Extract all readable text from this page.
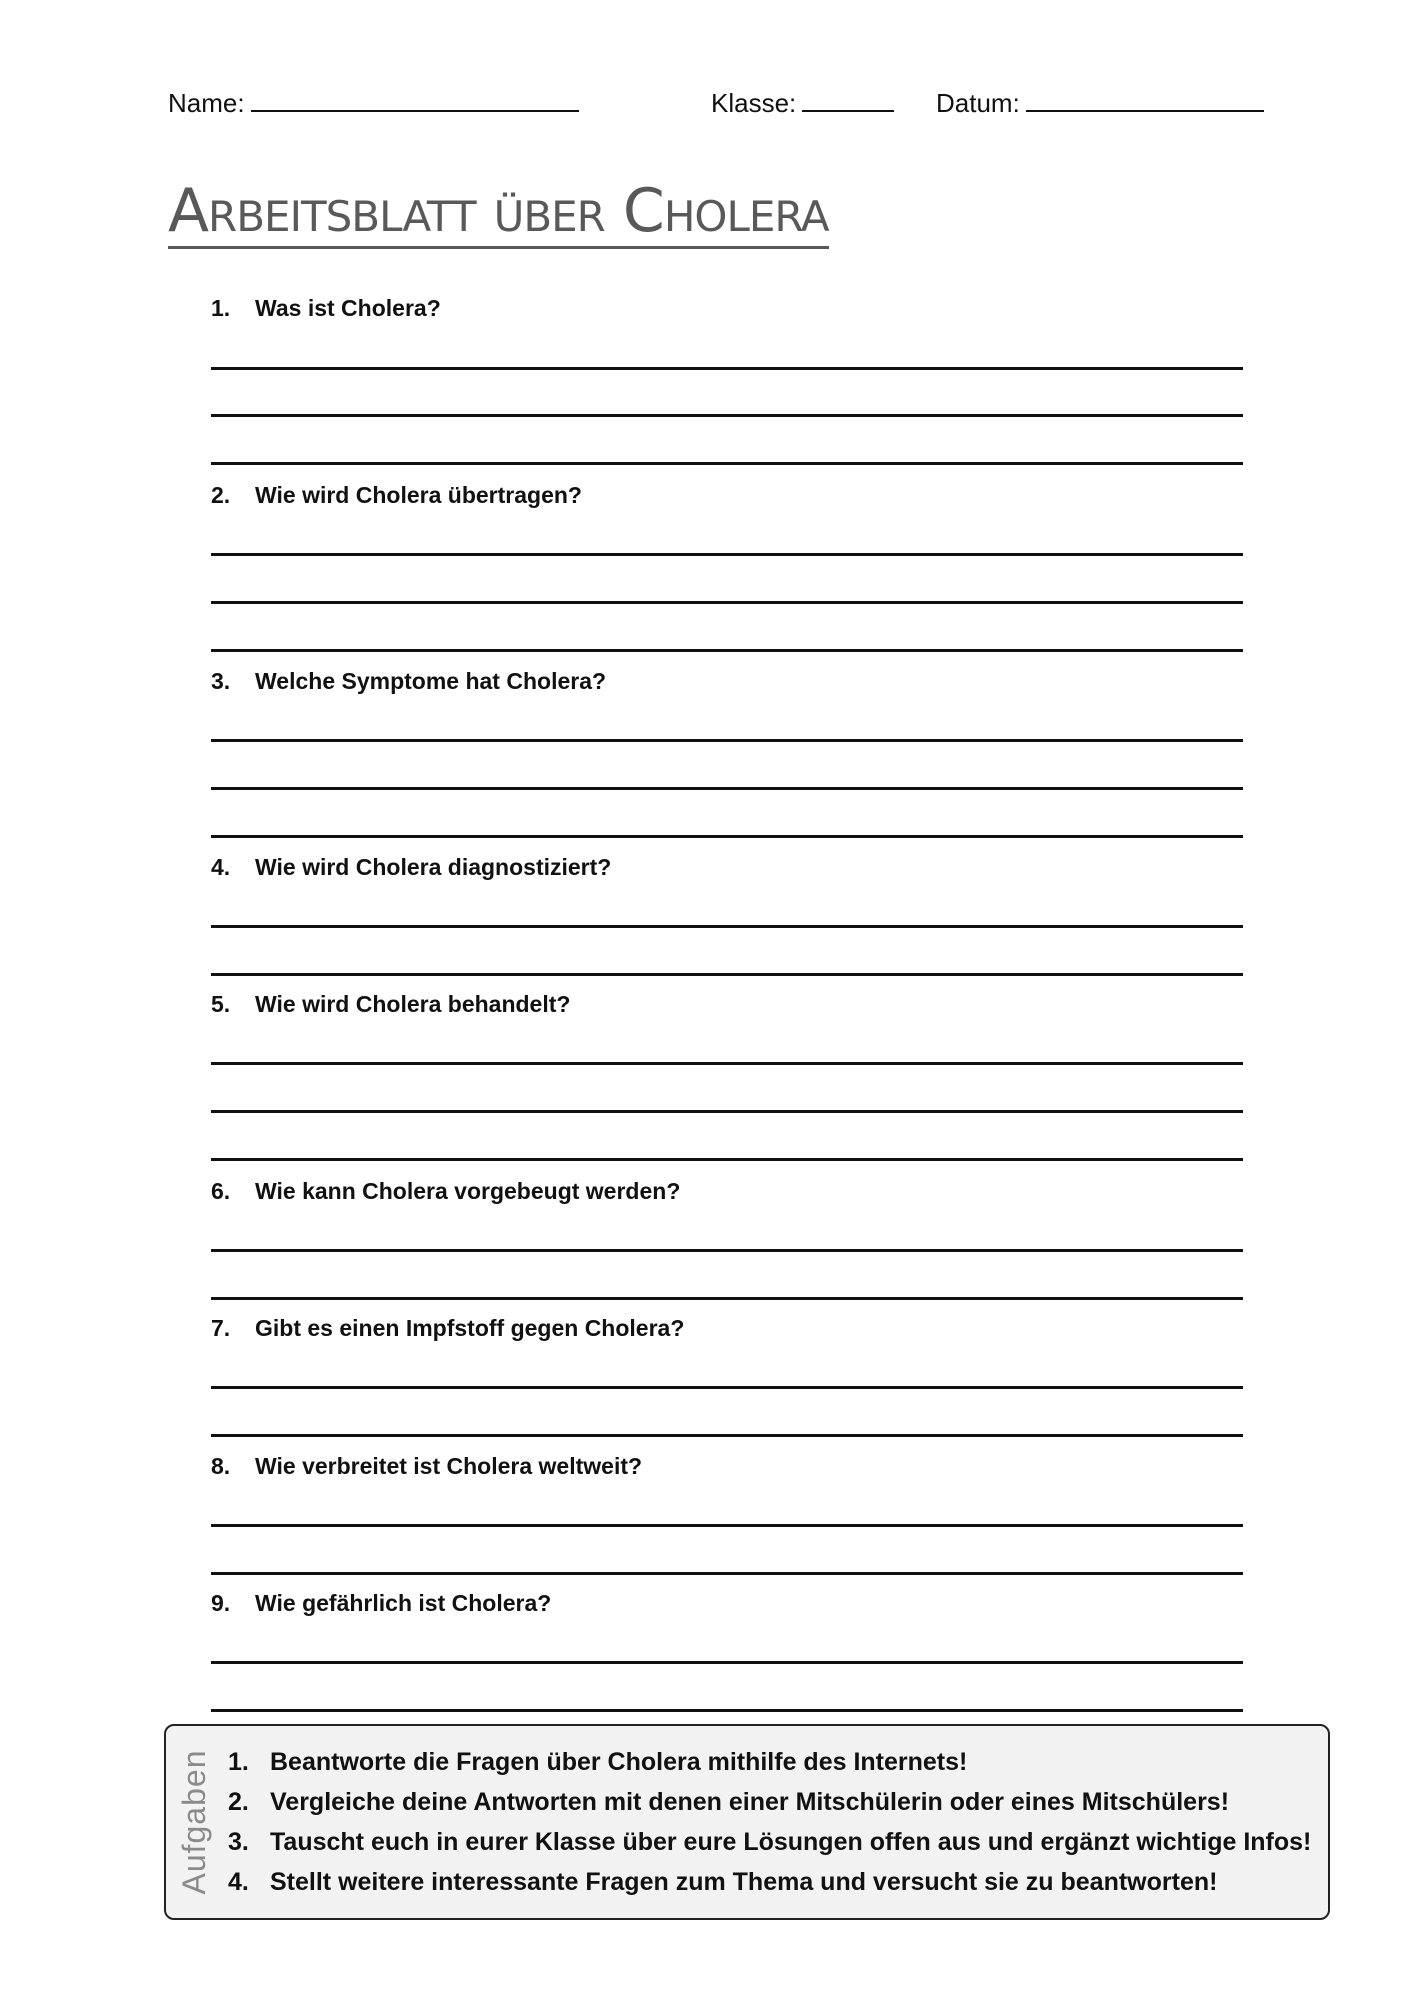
Name:	Klasse:	Datum:
Arbeitsblatt über Cholera
1. Was ist Cholera?
2. Wie wird Cholera übertragen?
3. Welche Symptome hat Cholera?
4. Wie wird Cholera diagnostiziert?
5. Wie wird Cholera behandelt?
6. Wie kann Cholera vorgebeugt werden?
7. Gibt es einen Impfstoff gegen Cholera?
8. Wie verbreitet ist Cholera weltweit?
9. Wie gefährlich ist Cholera?
Aufgaben 1. Beantworte die Fragen über Cholera mithilfe des Internets!
2. Vergleiche deine Antworten mit denen einer Mitschülerin oder eines Mitschülers!
3. Tauscht euch in eurer Klasse über eure Lösungen offen aus und ergänzt wichtige Infos!
4. Stellt weitere interessante Fragen zum Thema und versucht sie zu beantworten!
